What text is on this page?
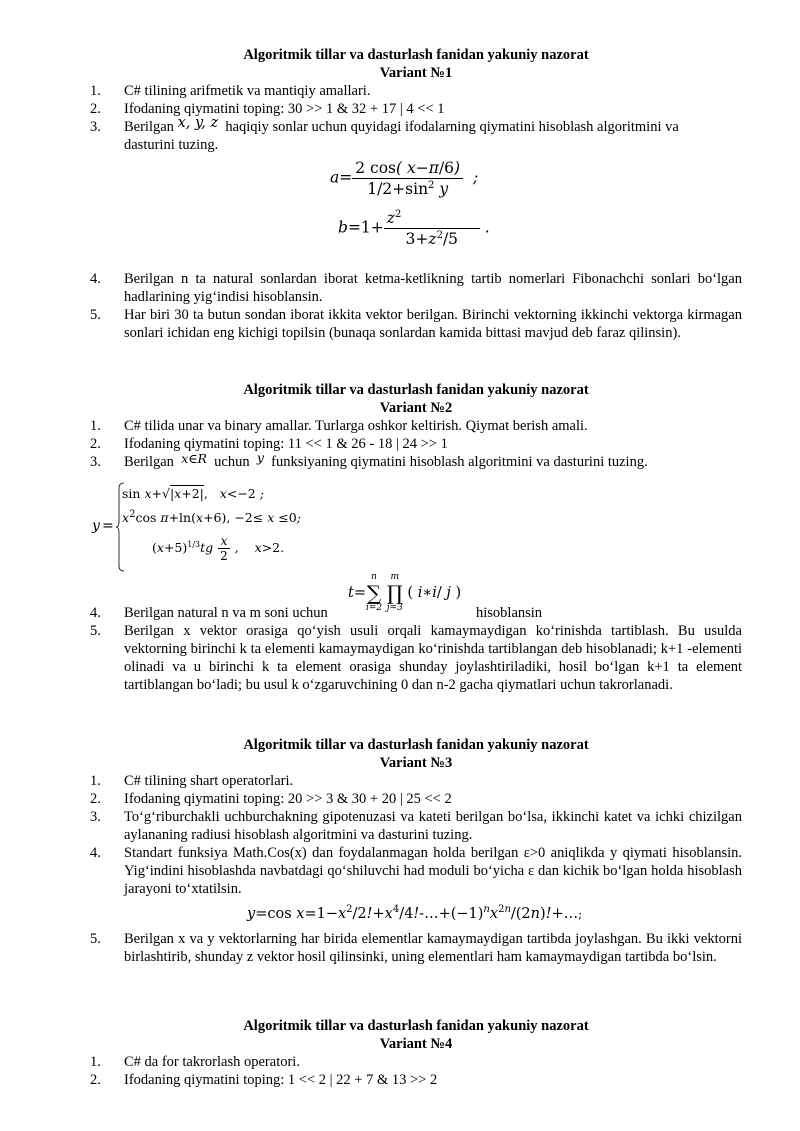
Algoritmik tillar va dasturlash fanidan yakuniy nazorat

Variant №1

1. C# tilining arifmetik va mantiqiy amallari.
2. Ifodaning qiymatini toping: 30 >> 1 & 32 + 17 | 4 << 1
3. Berilgan x, y, z haqiqiy sonlar uchun quyidagi ifodalarning qiymatini hisoblash algoritmini va
dasturini tuzing.
$a= \frac{2 \cos( x-\pi/6)}{1/2+\sin^2 y}$ ;
$b=1+ \frac{z^2}{3+z^2/5}$ .
4. Berilgan n ta natural sonlardan iborat ketma-ketlikning tartib nomerlari Fibonachchi sonlari bo‘lgan hadlarining yig‘indisi hisoblansin.
5. Har biri 30 ta butun sondan iborat ikkita vektor berilgan. Birinchi vektorning ikkinchi vektorga kirmagan sonlari ichidan eng kichigi topilsin (bunaqa sonlardan kamida bittasi mavjud deb faraz qilinsin).

Algoritmik tillar va dasturlash fanidan yakuniy nazorat

Variant №2

1. C# tilida unar va binary amallar. Turlarga oshkor keltirish. Qiymat berish amali.
2. Ifodaning qiymatini toping: 11 << 1 & 26 - 18 | 24 >> 1
3. Berilgan x∈R uchun y funksiyaning qiymatini hisoblash algoritmini va dasturini tuzing.
y =
sin x+√|x+2|,   x<−2 ;
$x^2\cos$ π+ln(x+6), −2≤ x ≤0;
$(x+5)^{1/3}tg \frac{x}{2}$ ,    x>2.
t=
n
∑
i=2

m
∏
j=3
( i∗i/ j )
4. Berilgan natural n va m soni uchun	hisoblansin
5. Berilgan x vektor orasiga qo‘yish usuli orqali kamaymaydigan ko‘rinishda tartiblash. Bu usulda vektorning birinchi k ta elementi kamaymaydigan ko‘rinishda tartiblangan deb hisoblanadi; k+1 -elementi olinadi va u birinchi k ta element orasiga shunday joylashtiriladiki, hosil bo‘lgan k+1 ta element tartiblangan bo‘ladi; bu usul k o‘zgaruvchining 0 dan n-2 gacha qiymatlari uchun takrorlanadi.

Algoritmik tillar va dasturlash fanidan yakuniy nazorat

Variant №3

1. C# tilining shart operatorlari.
2. Ifodaning qiymatini toping: 20 >> 3 & 30 + 20 | 25 << 2
3. To‘g‘riburchakli uchburchakning gipotenuzasi va kateti berilgan bo‘lsa, ikkinchi katet va ichki chizilgan aylananing radiusi hisoblash algoritmini va dasturini tuzing.
4. Standart funksiya Math.Cos(x) dan foydalanmagan holda berilgan ε>0 aniqlikda y qiymati hisoblansin. Yig‘indini hisoblashda navbatdagi qo‘shiluvchi had moduli bo‘yicha ε dan kichik bo‘lgan holda hisoblash jarayoni to‘xtatilsin.
y=cos $x=1-x^2/2!+x^4/4!-\dots+(-1)^nx^{2n}/(2n)!+\dots$;
5. Berilgan x va y vektorlarning har birida elementlar kamaymaydigan tartibda joylashgan. Bu ikki vektorni birlashtirib, shunday z vektor hosil qilinsinki, uning elementlari ham kamaymaydigan tartibda bo‘lsin.

Algoritmik tillar va dasturlash fanidan yakuniy nazorat

Variant №4

1. C# da for takrorlash operatori.
2. Ifodaning qiymatini toping: 1 << 2 | 22 + 7 & 13 >> 2
